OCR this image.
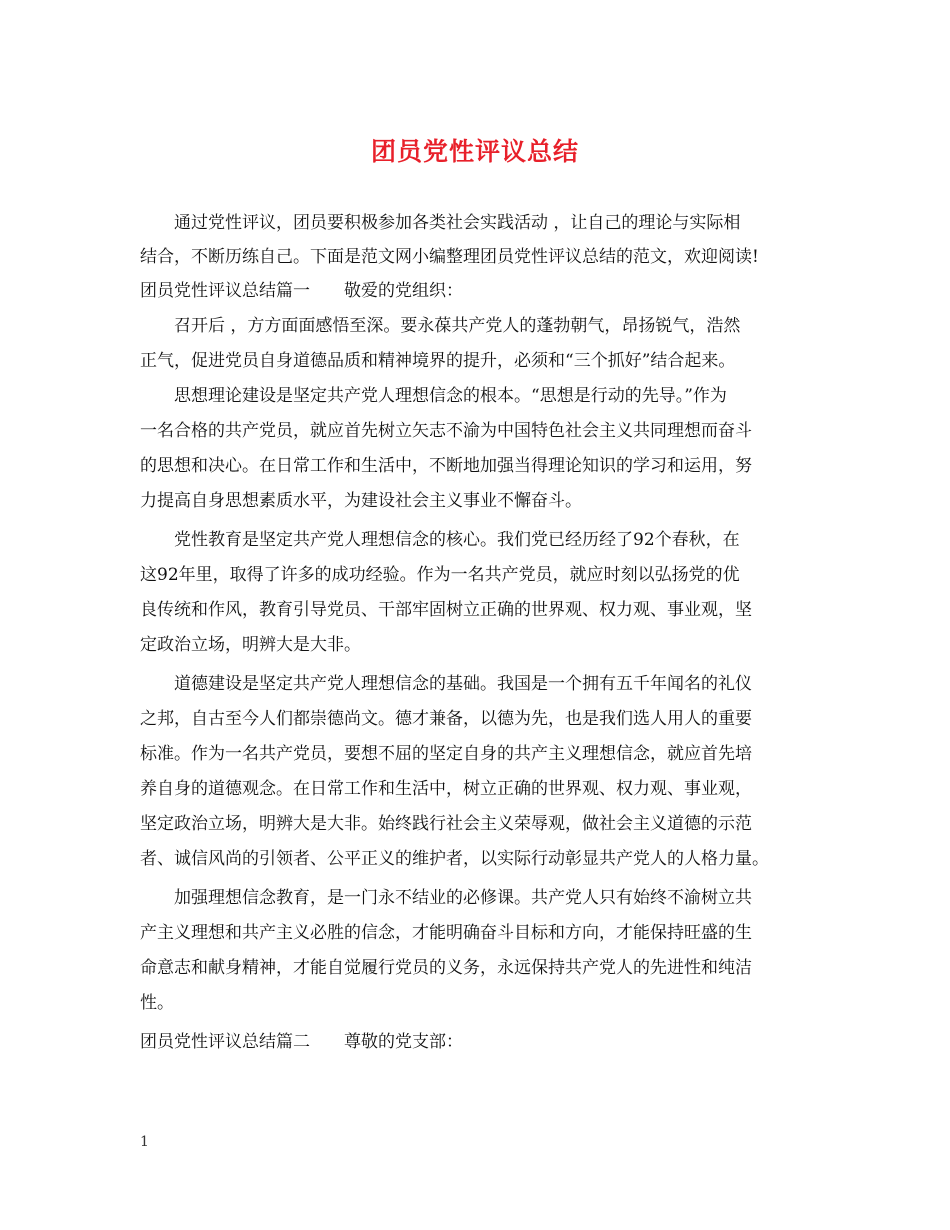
团员党性评议总结
　　通过党性评议，团员要积极参加各类社会实践活动 ，让自己的理论与实际相
结合，不断历练自己。下面是范文网小编整理团员党性评议总结的范文，欢迎阅读!
团员党性评议总结篇一　　敬爱的党组织：
　　召开后 ，方方面面感悟至深。要永葆共产党人的蓬勃朝气，昂扬锐气，浩然
正气，促进党员自身道德品质和精神境界的提升，必须和“三个抓好”结合起来。
　　思想理论建设是坚定共产党人理想信念的根本。“思想是行动的先导。”作为
一名合格的共产党员，就应首先树立矢志不渝为中国特色社会主义共同理想而奋斗
的思想和决心。在日常工作和生活中，不断地加强当得理论知识的学习和运用，努
力提高自身思想素质水平，为建设社会主义事业不懈奋斗。
　　党性教育是坚定共产党人理想信念的核心。我们党已经历经了92个春秋，在
这92年里，取得了许多的成功经验。作为一名共产党员，就应时刻以弘扬党的优
良传统和作风，教育引导党员、干部牢固树立正确的世界观、权力观、事业观，坚
定政治立场，明辨大是大非。
　　道德建设是坚定共产党人理想信念的基础。我国是一个拥有五千年闻名的礼仪
之邦，自古至今人们都崇德尚文。德才兼备，以德为先，也是我们选人用人的重要
标准。作为一名共产党员，要想不屈的坚定自身的共产主义理想信念，就应首先培
养自身的道德观念。在日常工作和生活中，树立正确的世界观、权力观、事业观，
坚定政治立场，明辨大是大非。始终践行社会主义荣辱观，做社会主义道德的示范
者、诚信风尚的引领者、公平正义的维护者，以实际行动彰显共产党人的人格力量。
　　加强理想信念教育，是一门永不结业的必修课。共产党人只有始终不渝树立共
产主义理想和共产主义必胜的信念，才能明确奋斗目标和方向，才能保持旺盛的生
命意志和献身精神，才能自觉履行党员的义务，永远保持共产党人的先进性和纯洁
性。
团员党性评议总结篇二　　尊敬的党支部：
1
